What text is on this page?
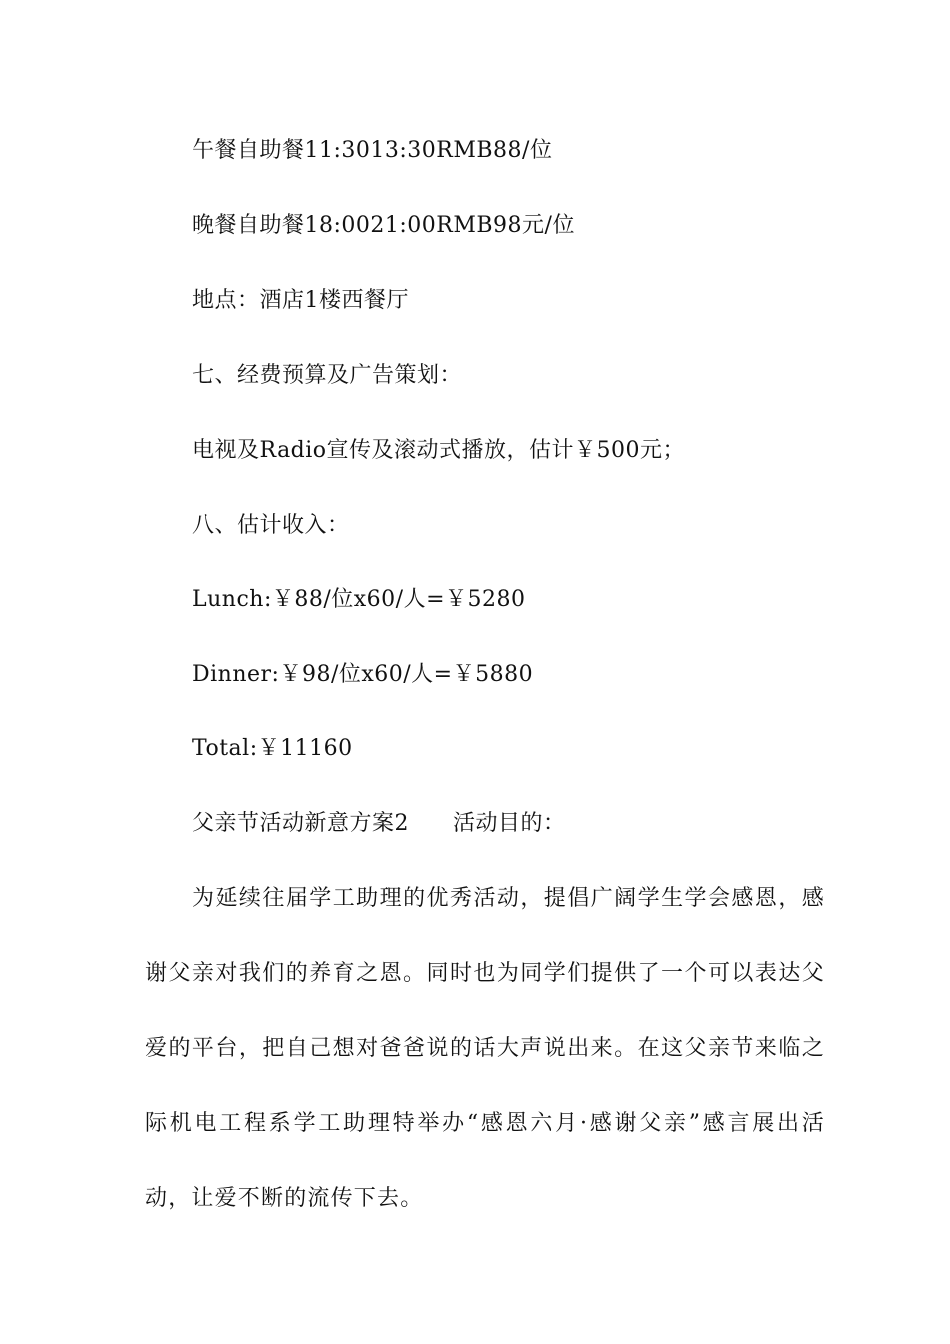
午餐自助餐11:3013:30RMB88/位
晚餐自助餐18:0021:00RMB98元/位
地点：酒店1楼西餐厅
七、经费预算及广告策划：
电视及Radio宣传及滚动式播放，估计￥500元；
八、估计收入：
Lunch:￥88/位x60/人=￥5280
Dinner:￥98/位x60/人=￥5880
Total:￥11160
父亲节活动新意方案2 活动目的：
为延续往届学工助理的优秀活动，提倡广阔学生学会感恩，感谢父亲对我们的养育之恩。同时也为同学们提供了一个可以表达父爱的平台，把自己想对爸爸说的话大声说出来。在这父亲节来临之际机电工程系学工助理特举办“感恩六月·感谢父亲”感言展出活动，让爱不断的流传下去。
